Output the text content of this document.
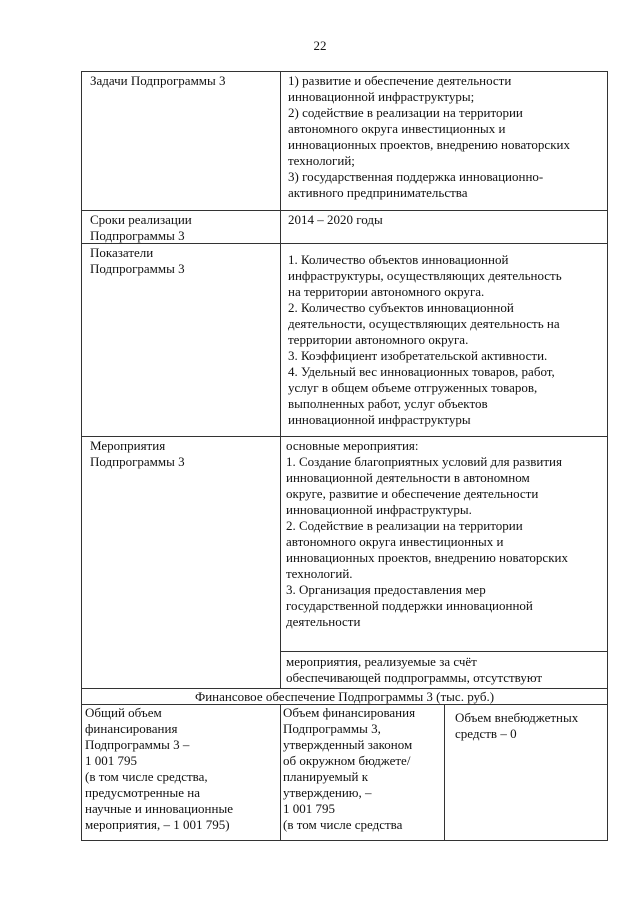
22
Задачи Подпрограммы 3	1) развитие и обеспечение деятельности
инновационной инфраструктуры;
2) содействие в реализации на территории
автономного округа инвестиционных и
инновационных проектов, внедрению новаторских
технологий;
3) государственная поддержка инновационно-
активного предпринимательства
Сроки реализации
Подпрограммы 3
2014 – 2020 годы
Показатели
Подпрограммы 3
1. Количество объектов инновационной
инфраструктуры, осуществляющих деятельность
на территории автономного округа.
2. Количество субъектов инновационной
деятельности, осуществляющих деятельность на
территории автономного округа.
3. Коэффициент изобретательской активности.
4. Удельный вес инновационных товаров, работ,
услуг в общем объеме отгруженных товаров,
выполненных работ, услуг объектов
инновационной инфраструктуры
Мероприятия
Подпрограммы 3
основные мероприятия:
1. Создание благоприятных условий для развития
инновационной деятельности в автономном
округе, развитие и обеспечение деятельности
инновационной инфраструктуры.
2. Содействие в реализации на территории
автономного округа инвестиционных и
инновационных проектов, внедрению новаторских
технологий.
3. Организация предоставления мер
государственной поддержки инновационной
деятельности
мероприятия, реализуемые за счёт
обеспечивающей подпрограммы, отсутствуют
Финансовое обеспечение Подпрограммы 3 (тыс. руб.)
Общий объем
финансирования
Подпрограммы 3 –
1 001 795
(в том числе средства,
предусмотренные на
научные и инновационные
мероприятия, – 1 001 795)
Объем финансирования
Подпрограммы 3,
утвержденный законом
об окружном бюджете/
планируемый к
утверждению, –
1 001 795
(в том числе средства
Объем внебюджетных
средств – 0
